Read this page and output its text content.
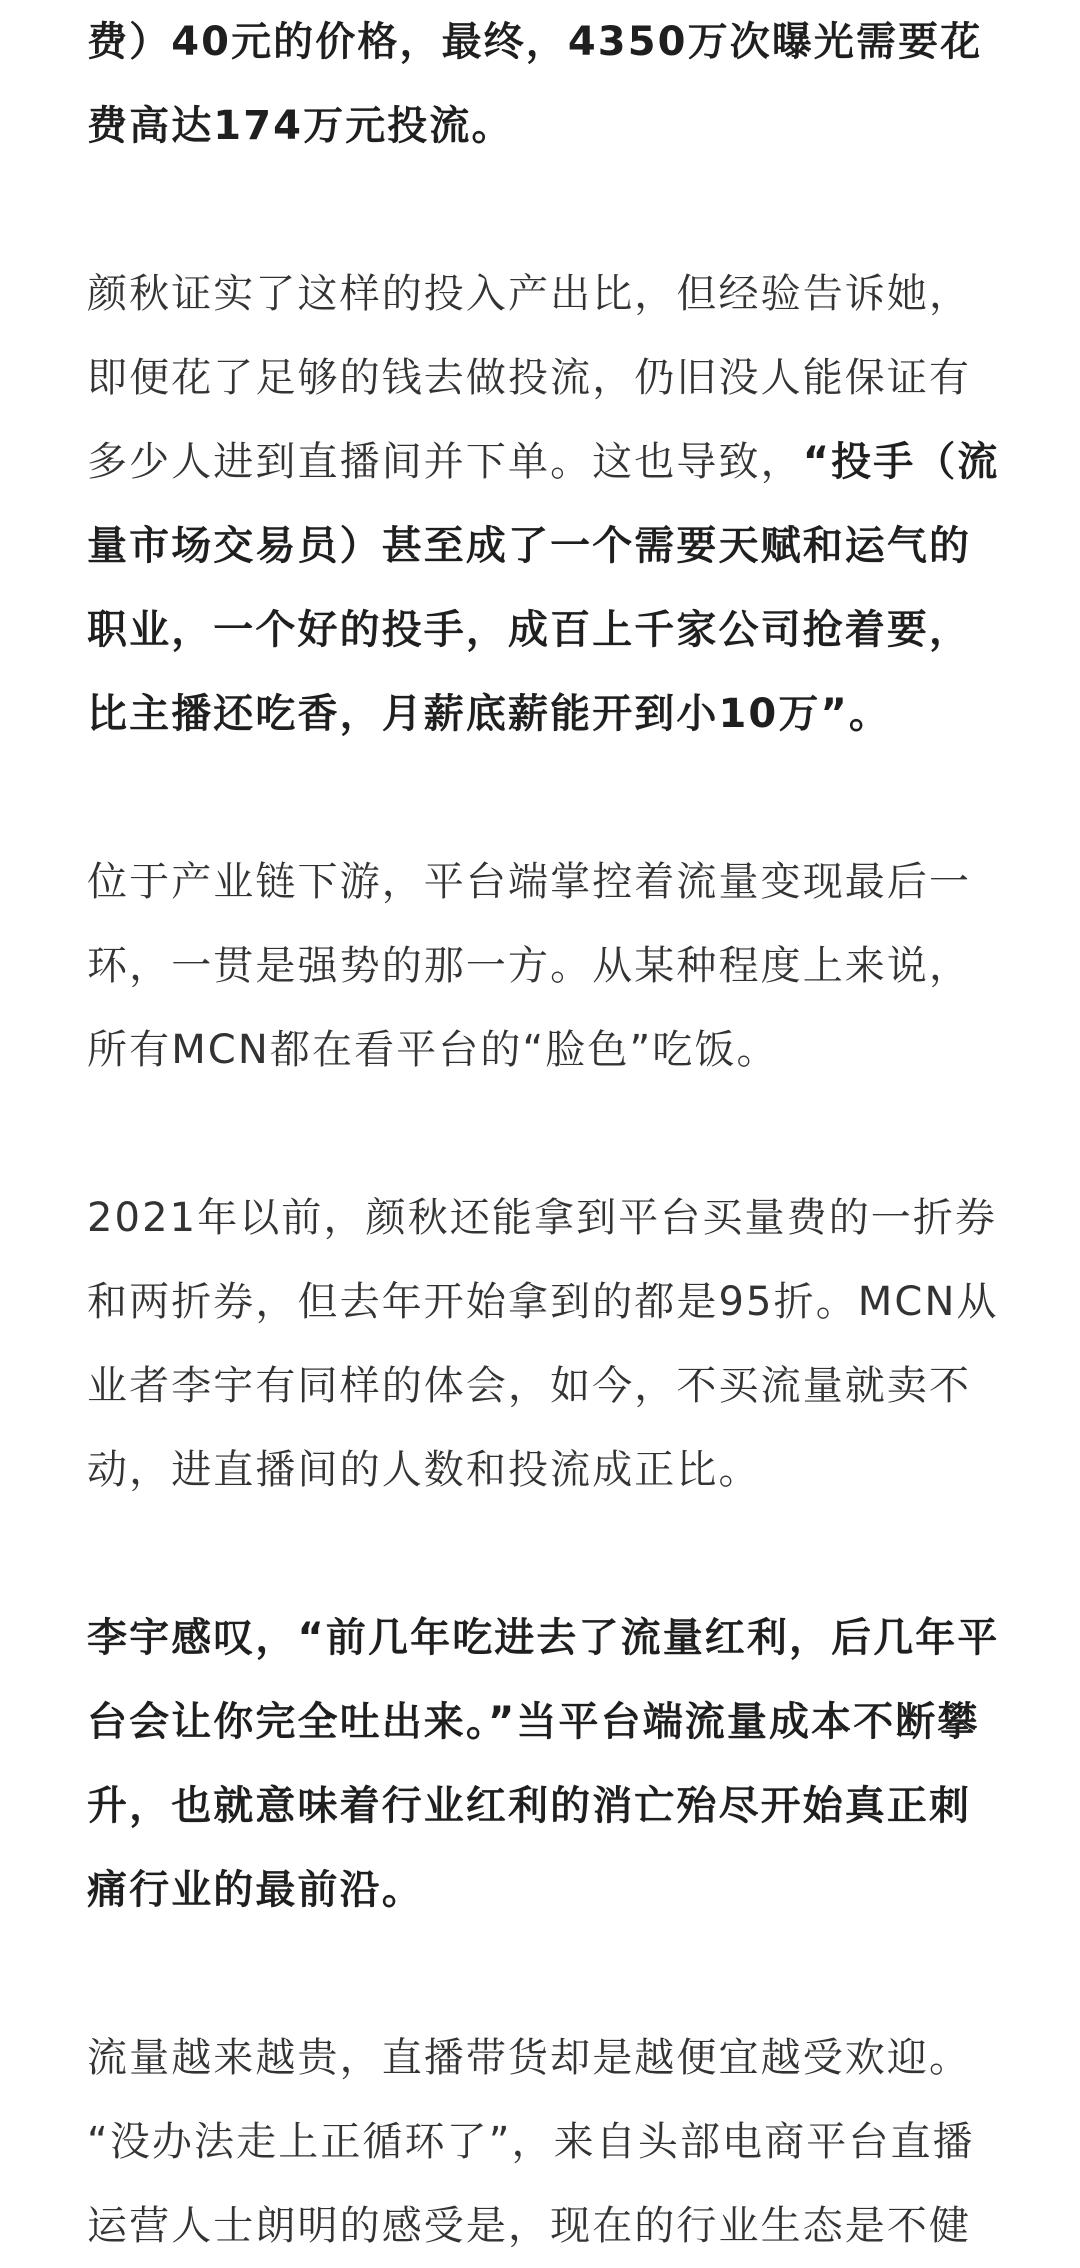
费）40元的价格，最终，4350万次曝光需要花
费高达174万元投流。

颜秋证实了这样的投入产出比，但经验告诉她，
即便花了足够的钱去做投流，仍旧没人能保证有
多少人进到直播间并下单。这也导致，“投手（流
量市场交易员）甚至成了一个需要天赋和运气的
职业，一个好的投手，成百上千家公司抢着要，
比主播还吃香，月薪底薪能开到小10万”。

位于产业链下游，平台端掌控着流量变现最后一
环，一贯是强势的那一方。从某种程度上来说，
所有MCN都在看平台的“脸色”吃饭。

2021年以前，颜秋还能拿到平台买量费的一折券
和两折券，但去年开始拿到的都是95折。MCN从
业者李宇有同样的体会，如今，不买流量就卖不
动，进直播间的人数和投流成正比。

李宇感叹，“前几年吃进去了流量红利，后几年平
台会让你完全吐出来。”当平台端流量成本不断攀
升，也就意味着行业红利的消亡殆尽开始真正刺
痛行业的最前沿。

流量越来越贵，直播带货却是越便宜越受欢迎。
“没办法走上正循环了”，来自头部电商平台直播
运营人士朗明的感受是，现在的行业生态是不健
